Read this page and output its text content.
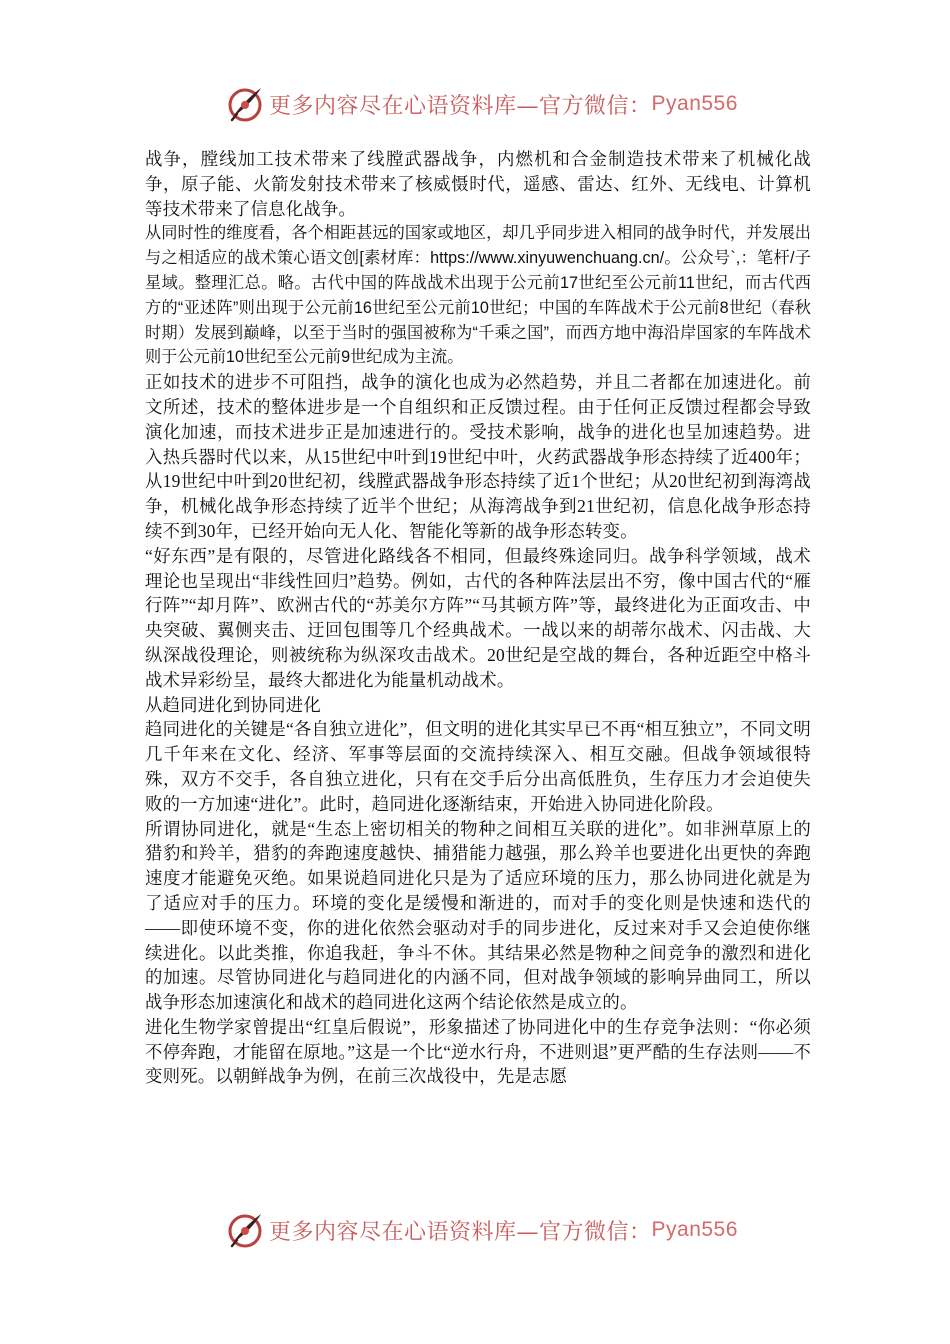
更多内容尽在心语资料库—官方微信： Pyan556

战争，膛线加工技术带来了线膛武器战争，内燃机和合金制造技术带来了机械化战争，原子能、火箭发射技术带来了核威慑时代，遥感、雷达、红外、无线电、计算机等技术带来了信息化战争。

从同时性的维度看，各个相距甚远的国家或地区，却几乎同步进入相同的战争时代，并发展出与之相适应的战术策心语文创[素材库：https://www.xinyuwenchuang.cn/。公众号`,：笔杆/子星域。整理汇总。略。古代中国的阵战战术出现于公元前17世纪至公元前11世纪，而古代西方的“亚述阵”则出现于公元前16世纪至公元前10世纪；中国的车阵战术于公元前8世纪（春秋时期）发展到巅峰，以至于当时的强国被称为“千乘之国”，而西方地中海沿岸国家的车阵战术则于公元前10世纪至公元前9世纪成为主流。

正如技术的进步不可阻挡，战争的演化也成为必然趋势，并且二者都在加速进化。前文所述，技术的整体进步是一个自组织和正反馈过程。由于任何正反馈过程都会导致演化加速，而技术进步正是加速进行的。受技术影响，战争的进化也呈加速趋势。进入热兵器时代以来，从15世纪中叶到19世纪中叶，火药武器战争形态持续了近400年；从19世纪中叶到20世纪初，线膛武器战争形态持续了近1个世纪；从20世纪初到海湾战争，机械化战争形态持续了近半个世纪；从海湾战争到21世纪初，信息化战争形态持续不到30年，已经开始向无人化、智能化等新的战争形态转变。

“好东西”是有限的，尽管进化路线各不相同，但最终殊途同归。战争科学领域，战术理论也呈现出“非线性回归”趋势。例如，古代的各种阵法层出不穷，像中国古代的“雁行阵”“却月阵”、欧洲古代的“苏美尔方阵”“马其顿方阵”等，最终进化为正面攻击、中央突破、翼侧夹击、迂回包围等几个经典战术。一战以来的胡蒂尔战术、闪击战、大纵深战役理论，则被统称为纵深攻击战术。20世纪是空战的舞台，各种近距空中格斗战术异彩纷呈，最终大都进化为能量机动战术。

从趋同进化到协同进化

趋同进化的关键是“各自独立进化”，但文明的进化其实早已不再“相互独立”，不同文明几千年来在文化、经济、军事等层面的交流持续深入、相互交融。但战争领域很特殊，双方不交手，各自独立进化，只有在交手后分出高低胜负，生存压力才会迫使失败的一方加速“进化”。此时，趋同进化逐渐结束，开始进入协同进化阶段。

所谓协同进化，就是“生态上密切相关的物种之间相互关联的进化”。如非洲草原上的猎豹和羚羊，猎豹的奔跑速度越快、捕猎能力越强，那么羚羊也要进化出更快的奔跑速度才能避免灭绝。如果说趋同进化只是为了适应环境的压力，那么协同进化就是为了适应对手的压力。环境的变化是缓慢和渐进的，而对手的变化则是快速和迭代的——即使环境不变，你的进化依然会驱动对手的同步进化，反过来对手又会迫使你继续进化。以此类推，你追我赶，争斗不休。其结果必然是物种之间竞争的激烈和进化的加速。尽管协同进化与趋同进化的内涵不同，但对战争领域的影响异曲同工，所以战争形态加速演化和战术的趋同进化这两个结论依然是成立的。

进化生物学家曾提出“红皇后假说”，形象描述了协同进化中的生存竞争法则：“你必须不停奔跑，才能留在原地。”这是一个比“逆水行舟，不进则退”更严酷的生存法则——不变则死。以朝鲜战争为例，在前三次战役中，先是志愿

更多内容尽在心语资料库—官方微信： Pyan556
